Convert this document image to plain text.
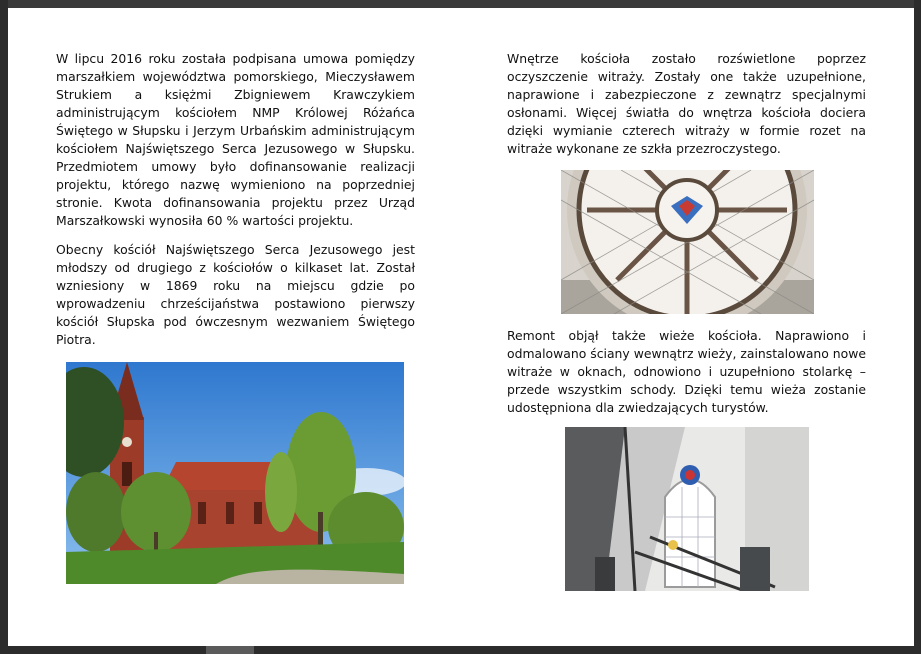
W lipcu 2016 roku została podpisana umowa pomiędzy marszałkiem województwa pomorskiego, Mieczysławem Strukiem a księżmi Zbigniewem Krawczykiem administrującym kościołem NMP Królowej Różańca Świętego w Słupsku i Jerzym Urbańskim administrującym kościołem Najświętszego Serca Jezusowego w Słupsku. Przedmiotem umowy było dofinansowanie realizacji projektu, którego nazwę wymieniono na poprzedniej stronie. Kwota dofinansowania projektu przez Urząd Marszałkowski wynosiła 60 % wartości projektu.

Obecny kościół Najświętszego Serca Jezusowego jest młodszy od drugiego z kościołów o kilkaset lat. Został wzniesiony w 1869 roku na miejscu gdzie po wprowadzeniu chrześcijaństwa postawiono pierwszy kościół Słupska pod ówczesnym wezwaniem Świętego Piotra.

Wnętrze kościoła zostało rozświetlone poprzez oczyszczenie witraży. Zostały one także uzupełnione, naprawione i zabezpieczone z zewnątrz specjalnymi osłonami. Więcej światła do wnętrza kościoła dociera dzięki wymianie czterech witraży w formie rozet na witraże wykonane ze szkła przezroczystego.

Remont objął także wieże kościoła. Naprawiono i odmalowano ściany wewnątrz wieży, zainstalowano nowe witraże w oknach, odnowiono i uzupełniono stolarkę – przede wszystkim schody. Dzięki temu wieża zostanie udostępniona dla zwiedzających turystów.
